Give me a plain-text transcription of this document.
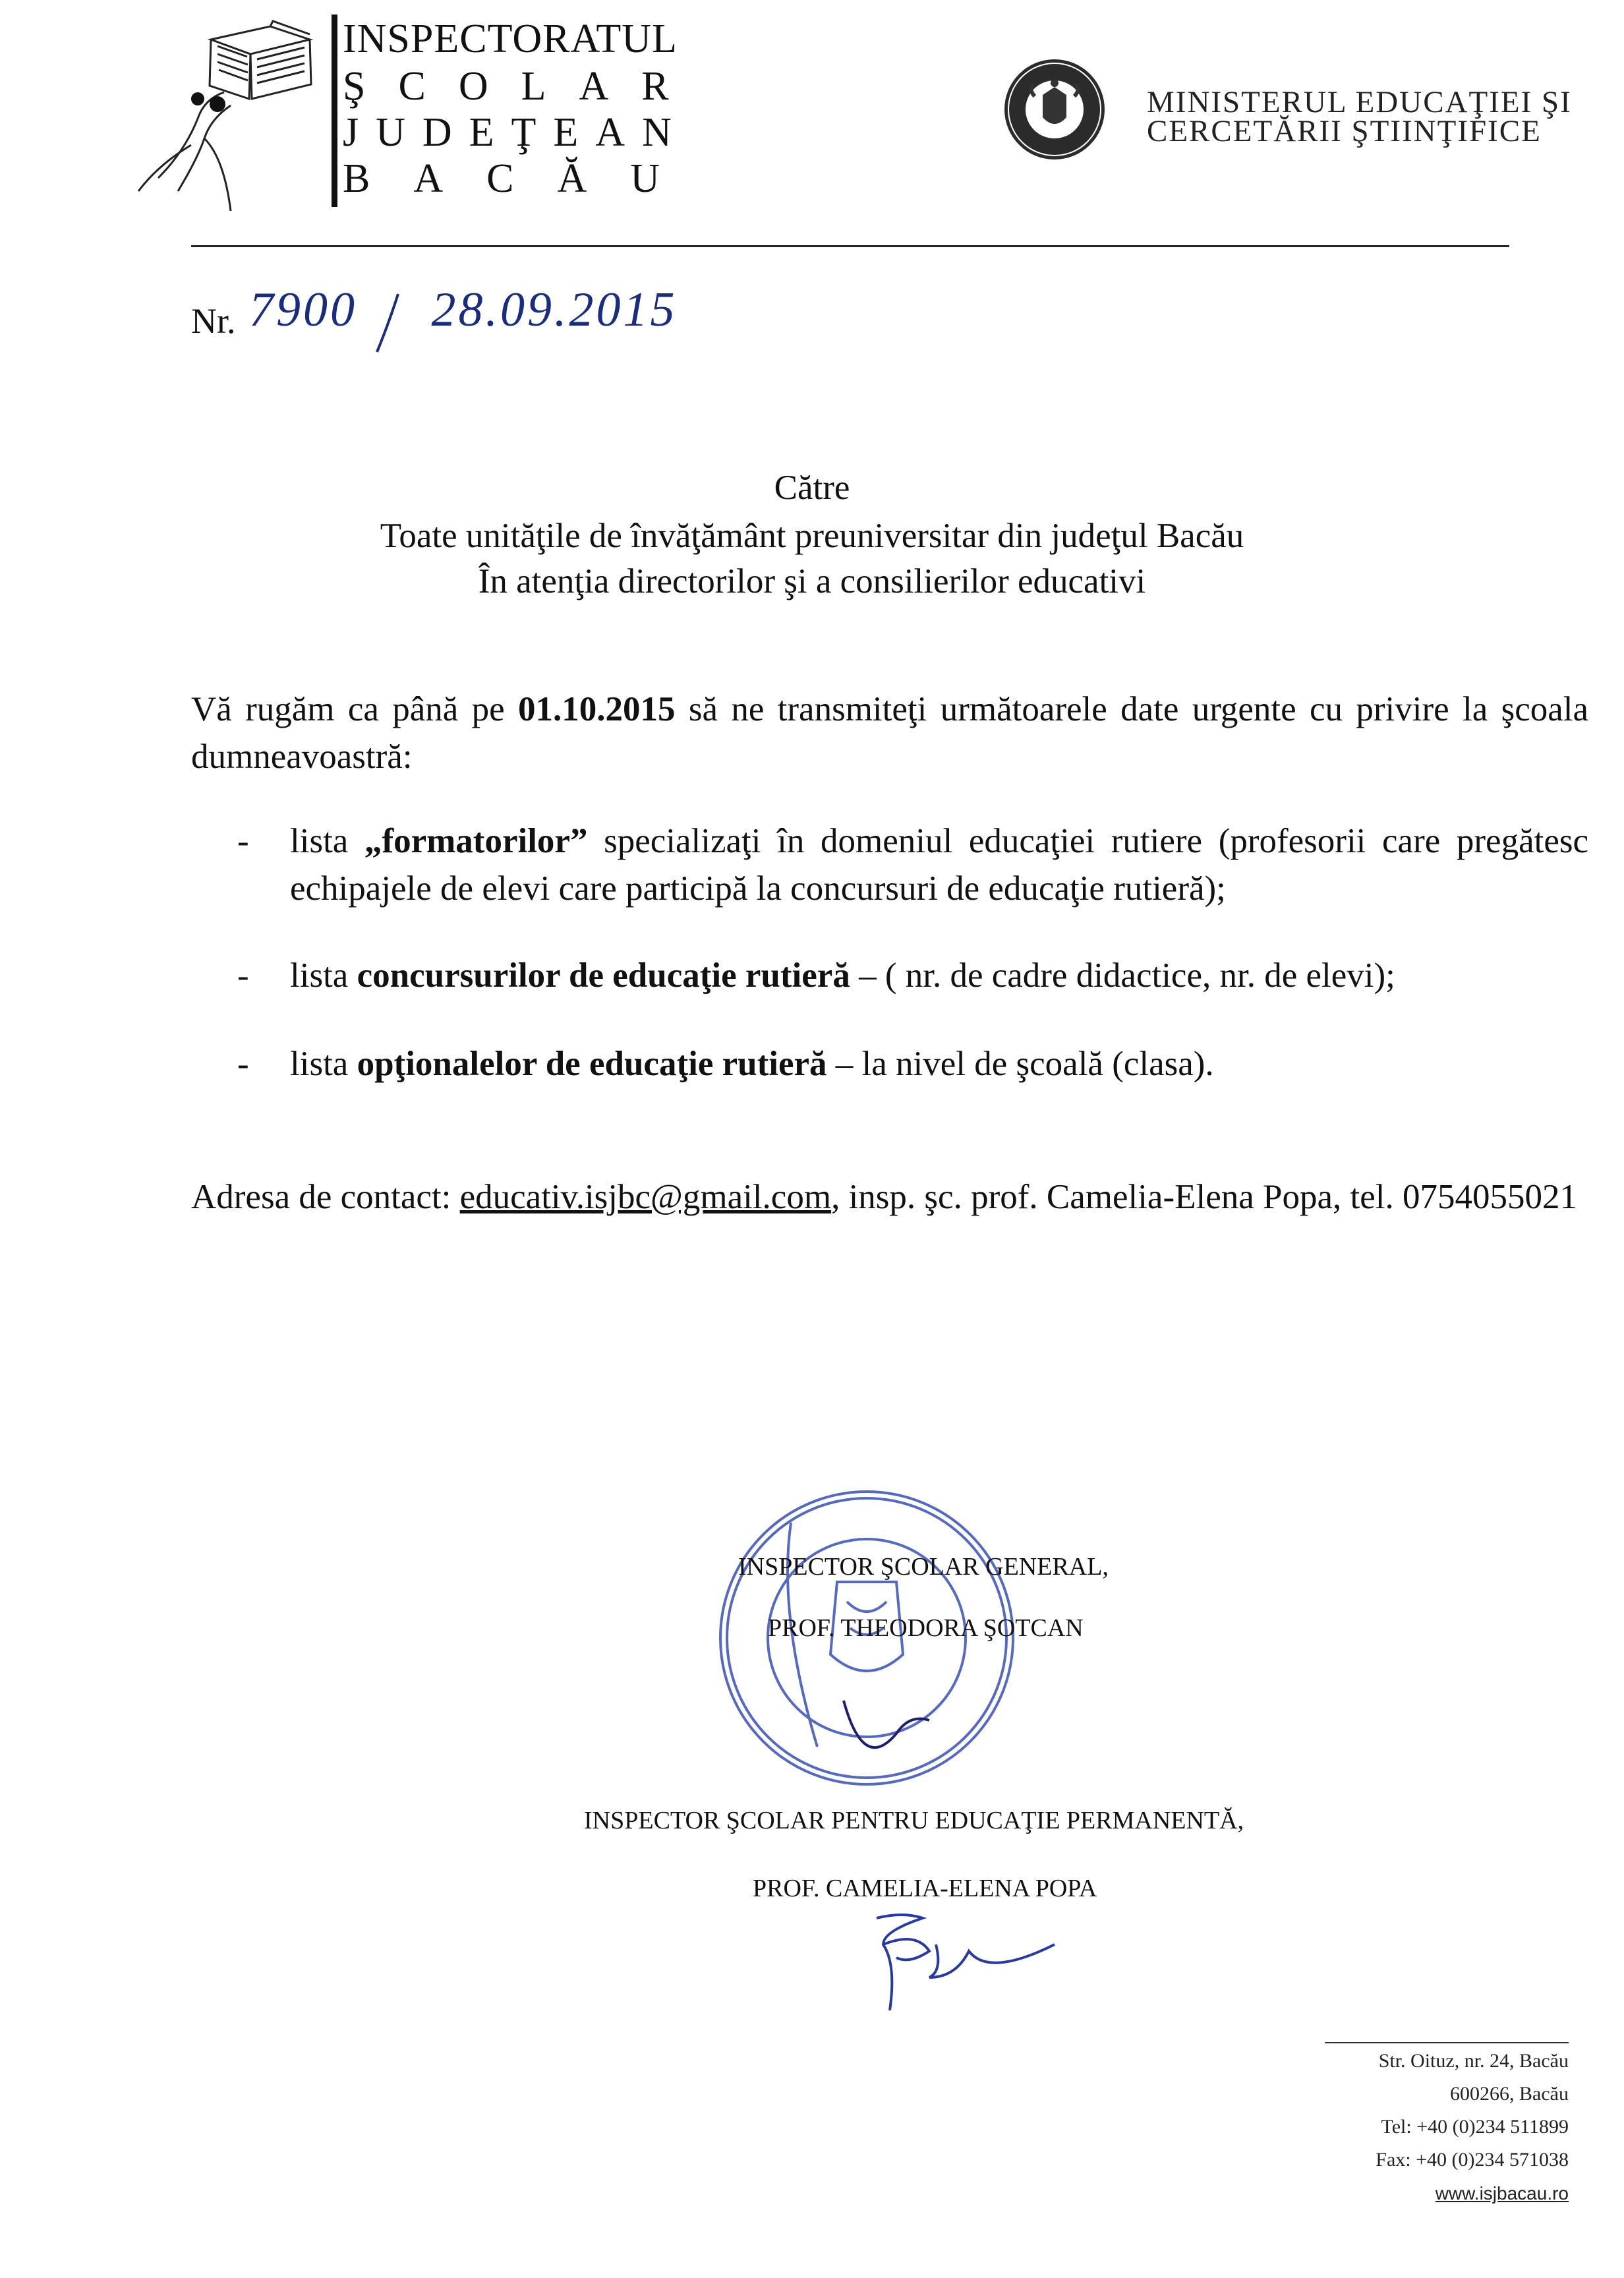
INSPECTORATUL
ŞCOLAR
JUDEŢEAN
BACĂU
MINISTERUL EDUCAŢIEI ŞI
CERCETĂRII ŞTIINŢIFICE
Nr. 7900 28.09.2015
Către
Toate unităţile de învăţământ preuniversitar din judeţul Bacău
În atenţia directorilor şi a consilierilor educativi
Vă rugăm ca până pe 01.10.2015 să ne transmiteţi următoarele date urgente cu privire la şcoala dumneavoastră:
- lista „formatorilor” specializaţi în domeniul educaţiei rutiere (profesorii care pregătesc echipajele de elevi care participă la concursuri de educaţie rutieră);
- lista concursurilor de educaţie rutieră – ( nr. de cadre didactice, nr. de elevi);
- lista opţionalelor de educaţie rutieră – la nivel de şcoală (clasa).
Adresa de contact: educativ.isjbc@gmail.com, insp. şc. prof. Camelia-Elena Popa, tel. 0754055021
INSPECTOR ŞCOLAR GENERAL,
PROF. THEODORA ŞOTCAN
INSPECTOR ŞCOLAR PENTRU EDUCAŢIE PERMANENTĂ,
PROF. CAMELIA-ELENA POPA
Str. Oituz, nr. 24, Bacău
600266, Bacău
Tel: +40 (0)234 511899
Fax: +40 (0)234 571038
www.isjbacau.ro
